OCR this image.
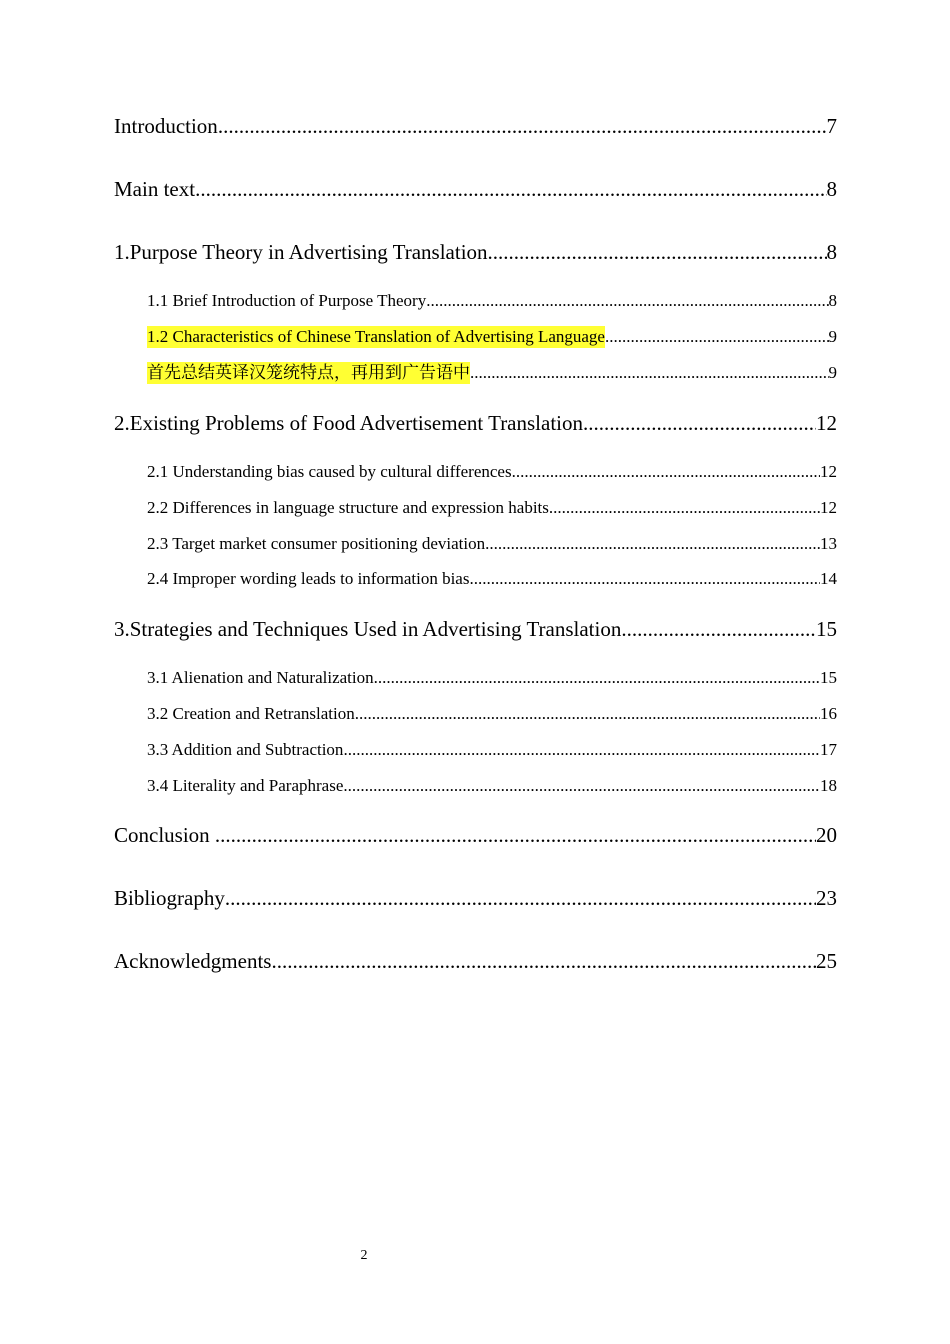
Introduction .....	7
Main text .....	8
1.Purpose Theory in Advertising Translation .....	8
1.1 Brief Introduction of Purpose Theory .....	8
1.2 Characteristics of Chinese Translation of Advertising Language .....	9
首先总结英译汉笼统特点，再用到广告语中 .....	9
2.Existing Problems of Food Advertisement Translation .....	12
2.1 Understanding bias caused by cultural differences .....	12
2.2 Differences in language structure and expression habits .....	12
2.3 Target market consumer positioning deviation .....	13
2.4 Improper wording leads to information bias .....	14
3.Strategies and Techniques Used in Advertising Translation .....	15
3.1 Alienation and Naturalization .....	15
3.2 Creation and Retranslation .....	16
3.3 Addition and Subtraction .....	17
3.4 Literality and Paraphrase .....	18
Conclusion .....	20
Bibliography .....	23
Acknowledgments .....	25
2
